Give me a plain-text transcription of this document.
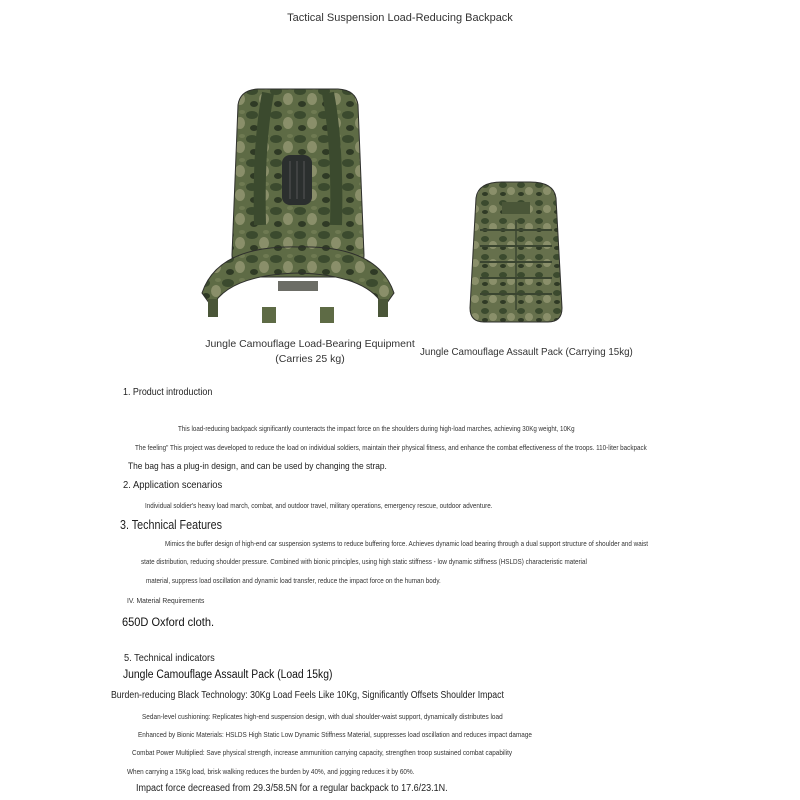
Tactical Suspension Load-Reducing Backpack
Jungle Camouflage Load-Bearing Equipment (Carries 25 kg)
Jungle Camouflage Assault Pack (Carrying 15kg)
1. Product introduction
This load-reducing backpack significantly counteracts the impact force on the shoulders during high-load marches, achieving 30Kg weight, 10Kg
The feeling" This project was developed to reduce the load on individual soldiers, maintain their physical fitness, and enhance the combat effectiveness of the troops. 110-liter backpack
The bag has a plug-in design, and can be used by changing the strap.
2. Application scenarios
Individual soldier's heavy load march, combat, and outdoor travel, military operations, emergency rescue, outdoor adventure.
3. Technical Features
Mimics the buffer design of high-end car suspension systems to reduce buffering force. Achieves dynamic load bearing through a dual support structure of shoulder and waist
state distribution, reducing shoulder pressure. Combined with bionic principles, using high static stiffness - low dynamic stiffness (HSLDS) characteristic material
material, suppress load oscillation and dynamic load transfer, reduce the impact force on the human body.
IV. Material Requirements
650D Oxford cloth.
5. Technical indicators
Jungle Camouflage Assault Pack (Load 15kg)
Burden-reducing Black Technology: 30Kg Load Feels Like 10Kg, Significantly Offsets Shoulder Impact
Sedan-level cushioning: Replicates high-end suspension design, with dual shoulder-waist support, dynamically distributes load
Enhanced by Bionic Materials: HSLDS High Static Low Dynamic Stiffness Material, suppresses load oscillation and reduces impact damage
Combat Power Multiplied: Save physical strength, increase ammunition carrying capacity, strengthen troop sustained combat capability
When carrying a 15Kg load, brisk walking reduces the burden by 40%, and jogging reduces it by 60%.
Impact force decreased from 29.3/58.5N for a regular backpack to 17.6/23.1N.
